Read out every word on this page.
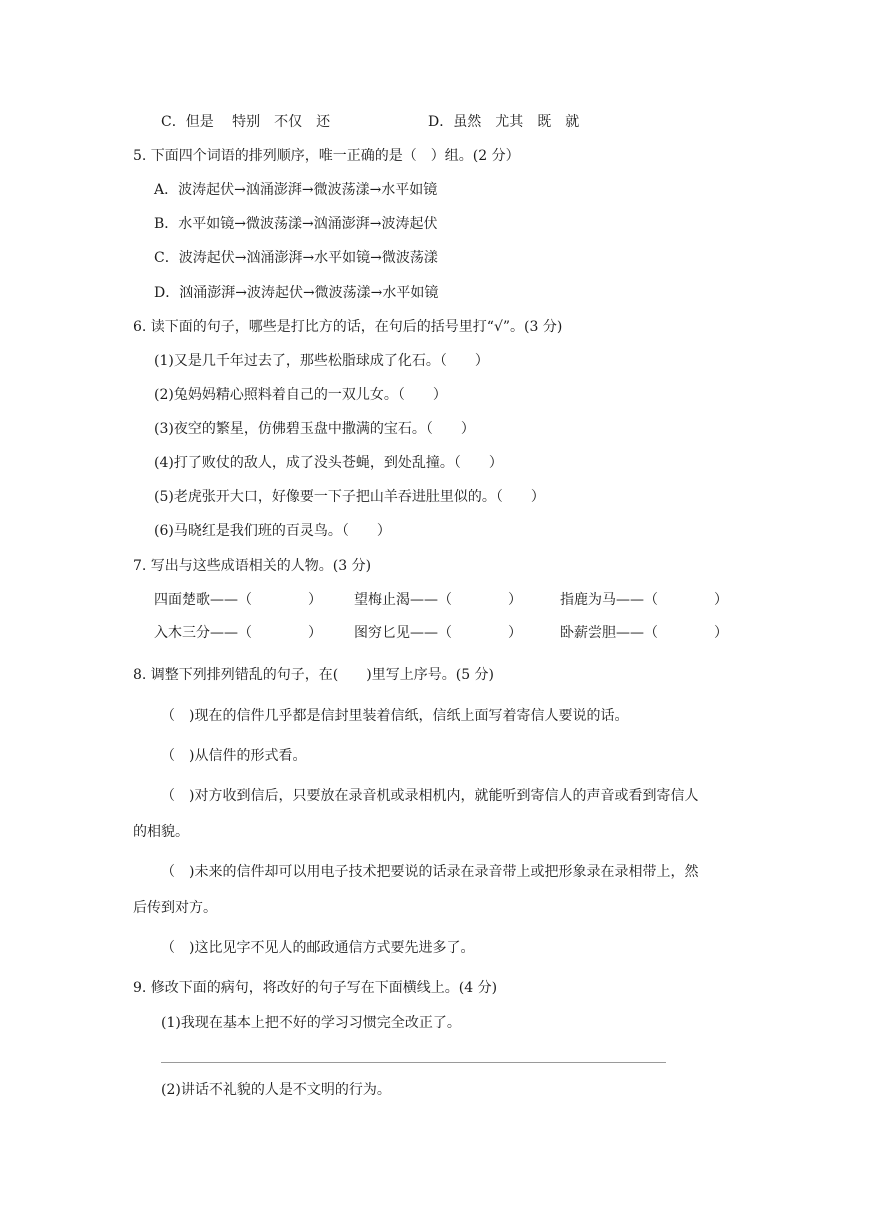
C．但是　 特别　不仅　还	D．虽然　尤其　既　就
5. 下面四个词语的排列顺序，唯一正确的是（　）组。(2 分）
A．波涛起伏→汹涌澎湃→微波荡漾→水平如镜
B．水平如镜→微波荡漾→汹涌澎湃→波涛起伏
C．波涛起伏→汹涌澎湃→水平如镜→微波荡漾
D．汹涌澎湃→波涛起伏→微波荡漾→水平如镜
6. 读下面的句子，哪些是打比方的话，在句后的括号里打“√”。(3 分)
(1)又是几千年过去了，那些松脂球成了化石。（　　）
(2)兔妈妈精心照料着自己的一双儿女。（　　）
(3)夜空的繁星，仿佛碧玉盘中撒满的宝石。（　　）
(4)打了败仗的敌人，成了没头苍蝇，到处乱撞。（　　）
(5)老虎张开大口，好像要一下子把山羊吞进肚里似的。（　　）
(6)马晓红是我们班的百灵鸟。（　　）
7. 写出与这些成语相关的人物。(3 分)
四面楚歌——（　　　　） 望梅止渴——（　　　　）	指鹿为马——（　　　　）
入木三分——（　　　　） 图穷匕见——（　　　　）	卧薪尝胆——（　　　　）
8. 调整下列排列错乱的句子，在(　　)里写上序号。(5 分)
（　)现在的信件几乎都是信封里装着信纸，信纸上面写着寄信人要说的话。
（　)从信件的形式看。
（　)对方收到信后，只要放在录音机或录相机内，就能听到寄信人的声音或看到寄信人
的相貌。
（　)未来的信件却可以用电子技术把要说的话录在录音带上或把形象录在录相带上，然
后传到对方。
（　)这比见字不见人的邮政通信方式要先进多了。
9. 修改下面的病句，将改好的句子写在下面横线上。(4 分)
(1)我现在基本上把不好的学习习惯完全改正了。
(2)讲话不礼貌的人是不文明的行为。
